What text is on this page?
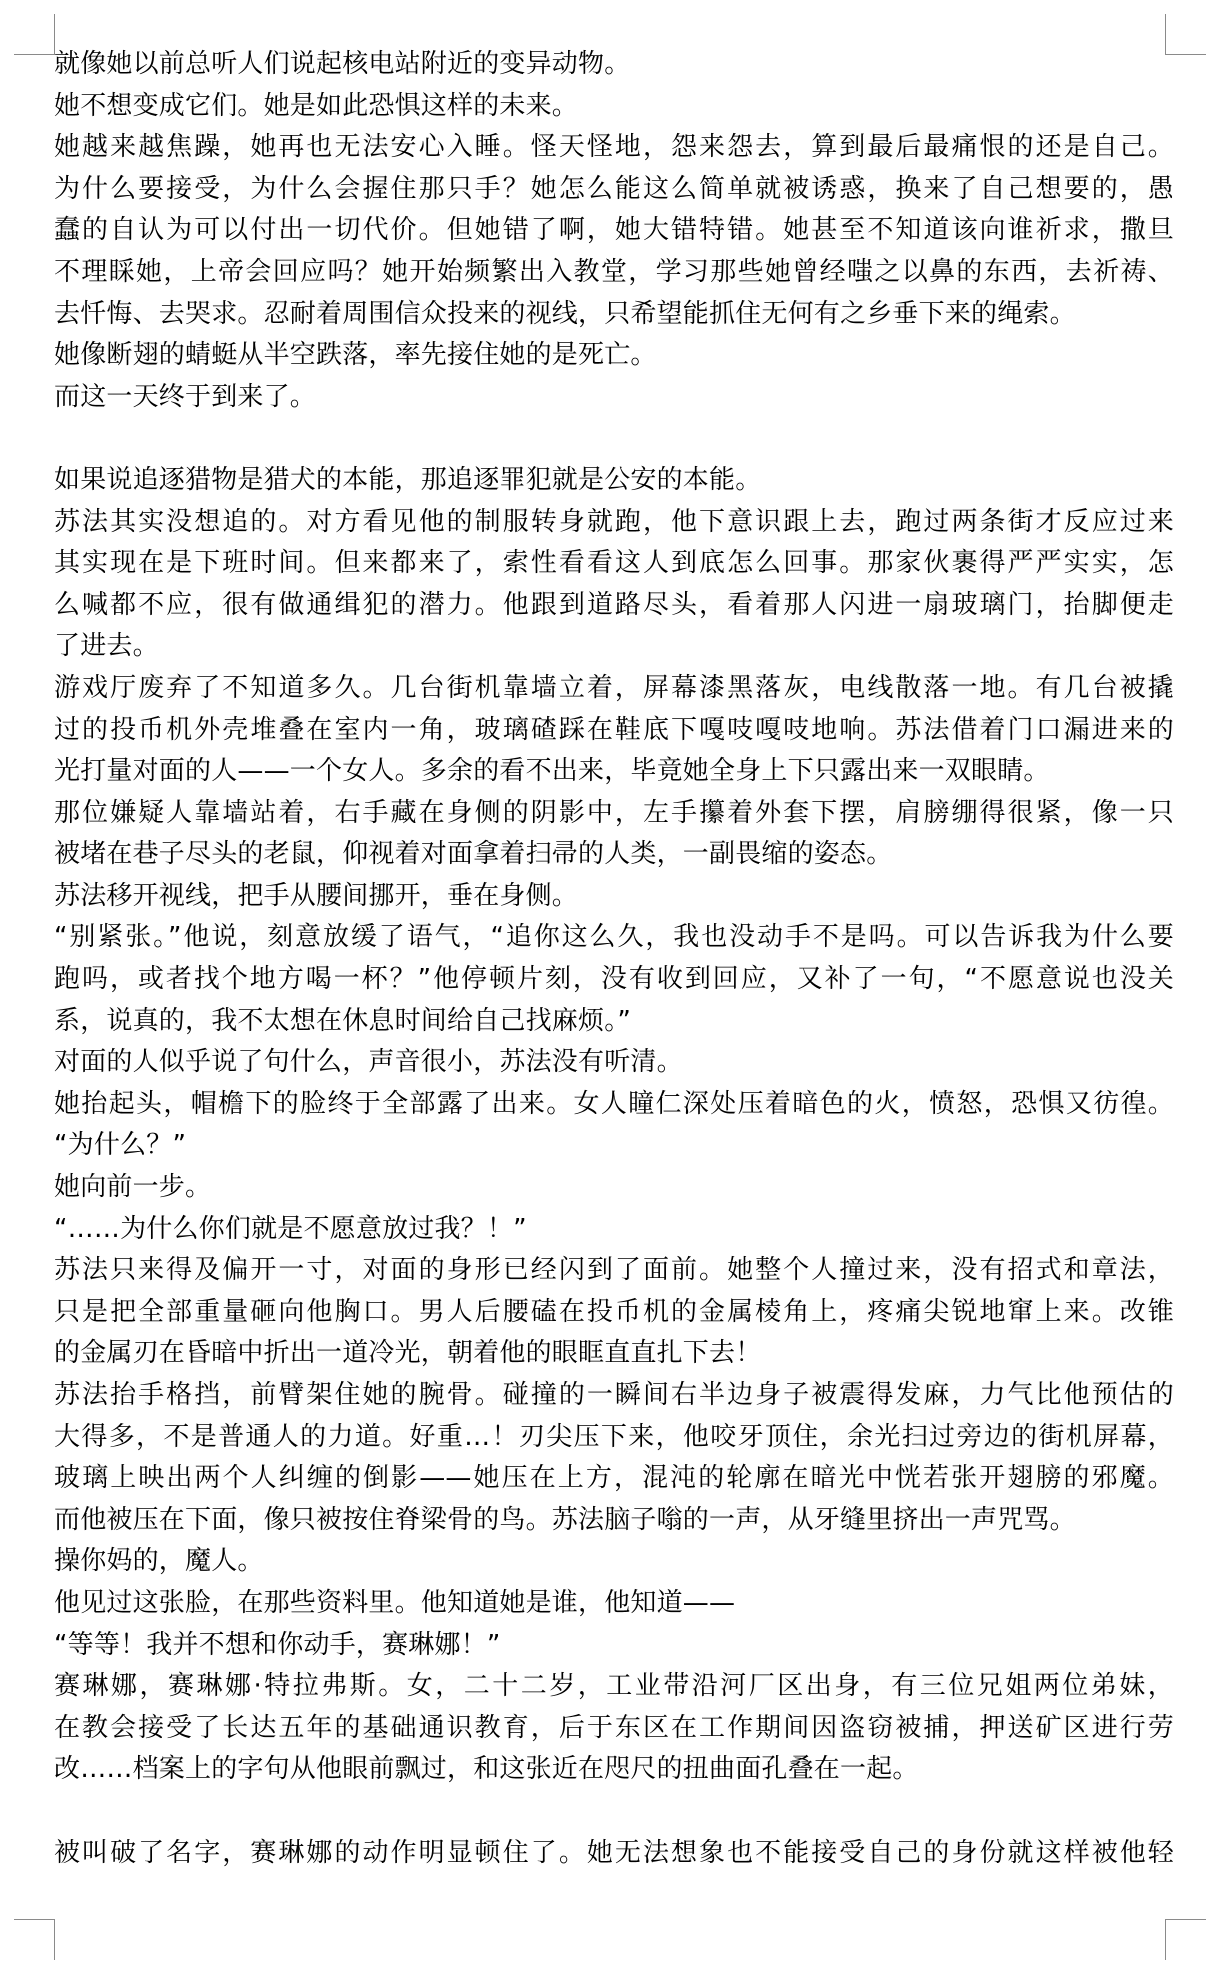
就像她以前总听人们说起核电站附近的变异动物。
她不想变成它们。她是如此恐惧这样的未来。
她越来越焦躁，她再也无法安心入睡。怪天怪地，怨来怨去，算到最后最痛恨的还是自己。
为什么要接受，为什么会握住那只手？她怎么能这么简单就被诱惑，换来了自己想要的，愚
蠢的自认为可以付出一切代价。但她错了啊，她大错特错。她甚至不知道该向谁祈求，撒旦
不理睬她，上帝会回应吗？她开始频繁出入教堂，学习那些她曾经嗤之以鼻的东西，去祈祷、
去忏悔、去哭求。忍耐着周围信众投来的视线，只希望能抓住无何有之乡垂下来的绳索。
她像断翅的蜻蜓从半空跌落，率先接住她的是死亡。
而这一天终于到来了。
如果说追逐猎物是猎犬的本能，那追逐罪犯就是公安的本能。
苏法其实没想追的。对方看见他的制服转身就跑，他下意识跟上去，跑过两条街才反应过来
其实现在是下班时间。但来都来了，索性看看这人到底怎么回事。那家伙裹得严严实实，怎
么喊都不应，很有做通缉犯的潜力。他跟到道路尽头，看着那人闪进一扇玻璃门，抬脚便走
了进去。
游戏厅废弃了不知道多久。几台街机靠墙立着，屏幕漆黑落灰，电线散落一地。有几台被撬
过的投币机外壳堆叠在室内一角，玻璃碴踩在鞋底下嘎吱嘎吱地响。苏法借着门口漏进来的
光打量对面的人——一个女人。多余的看不出来，毕竟她全身上下只露出来一双眼睛。
那位嫌疑人靠墙站着，右手藏在身侧的阴影中，左手攥着外套下摆，肩膀绷得很紧，像一只
被堵在巷子尽头的老鼠，仰视着对面拿着扫帚的人类，一副畏缩的姿态。
苏法移开视线，把手从腰间挪开，垂在身侧。
“别紧张。”他说，刻意放缓了语气，“追你这么久，我也没动手不是吗。可以告诉我为什么要
跑吗，或者找个地方喝一杯？”他停顿片刻，没有收到回应，又补了一句，“不愿意说也没关
系，说真的，我不太想在休息时间给自己找麻烦。”
对面的人似乎说了句什么，声音很小，苏法没有听清。
她抬起头，帽檐下的脸终于全部露了出来。女人瞳仁深处压着暗色的火，愤怒，恐惧又彷徨。
“为什么？”
她向前一步。
“……为什么你们就是不愿意放过我？！”
苏法只来得及偏开一寸，对面的身形已经闪到了面前。她整个人撞过来，没有招式和章法，
只是把全部重量砸向他胸口。男人后腰磕在投币机的金属棱角上，疼痛尖锐地窜上来。改锥
的金属刃在昏暗中折出一道冷光，朝着他的眼眶直直扎下去！
苏法抬手格挡，前臂架住她的腕骨。碰撞的一瞬间右半边身子被震得发麻，力气比他预估的
大得多，不是普通人的力道。好重…！刃尖压下来，他咬牙顶住，余光扫过旁边的街机屏幕，
玻璃上映出两个人纠缠的倒影——她压在上方，混沌的轮廓在暗光中恍若张开翅膀的邪魔。
而他被压在下面，像只被按住脊梁骨的鸟。苏法脑子嗡的一声，从牙缝里挤出一声咒骂。
操你妈的，魔人。
他见过这张脸，在那些资料里。他知道她是谁，他知道——
“等等！我并不想和你动手，赛琳娜！”
赛琳娜，赛琳娜·特拉弗斯。女，二十二岁，工业带沿河厂区出身，有三位兄姐两位弟妹，
在教会接受了长达五年的基础通识教育，后于东区在工作期间因盗窃被捕，押送矿区进行劳
改……档案上的字句从他眼前飘过，和这张近在咫尺的扭曲面孔叠在一起。
被叫破了名字，赛琳娜的动作明显顿住了。她无法想象也不能接受自己的身份就这样被他轻
